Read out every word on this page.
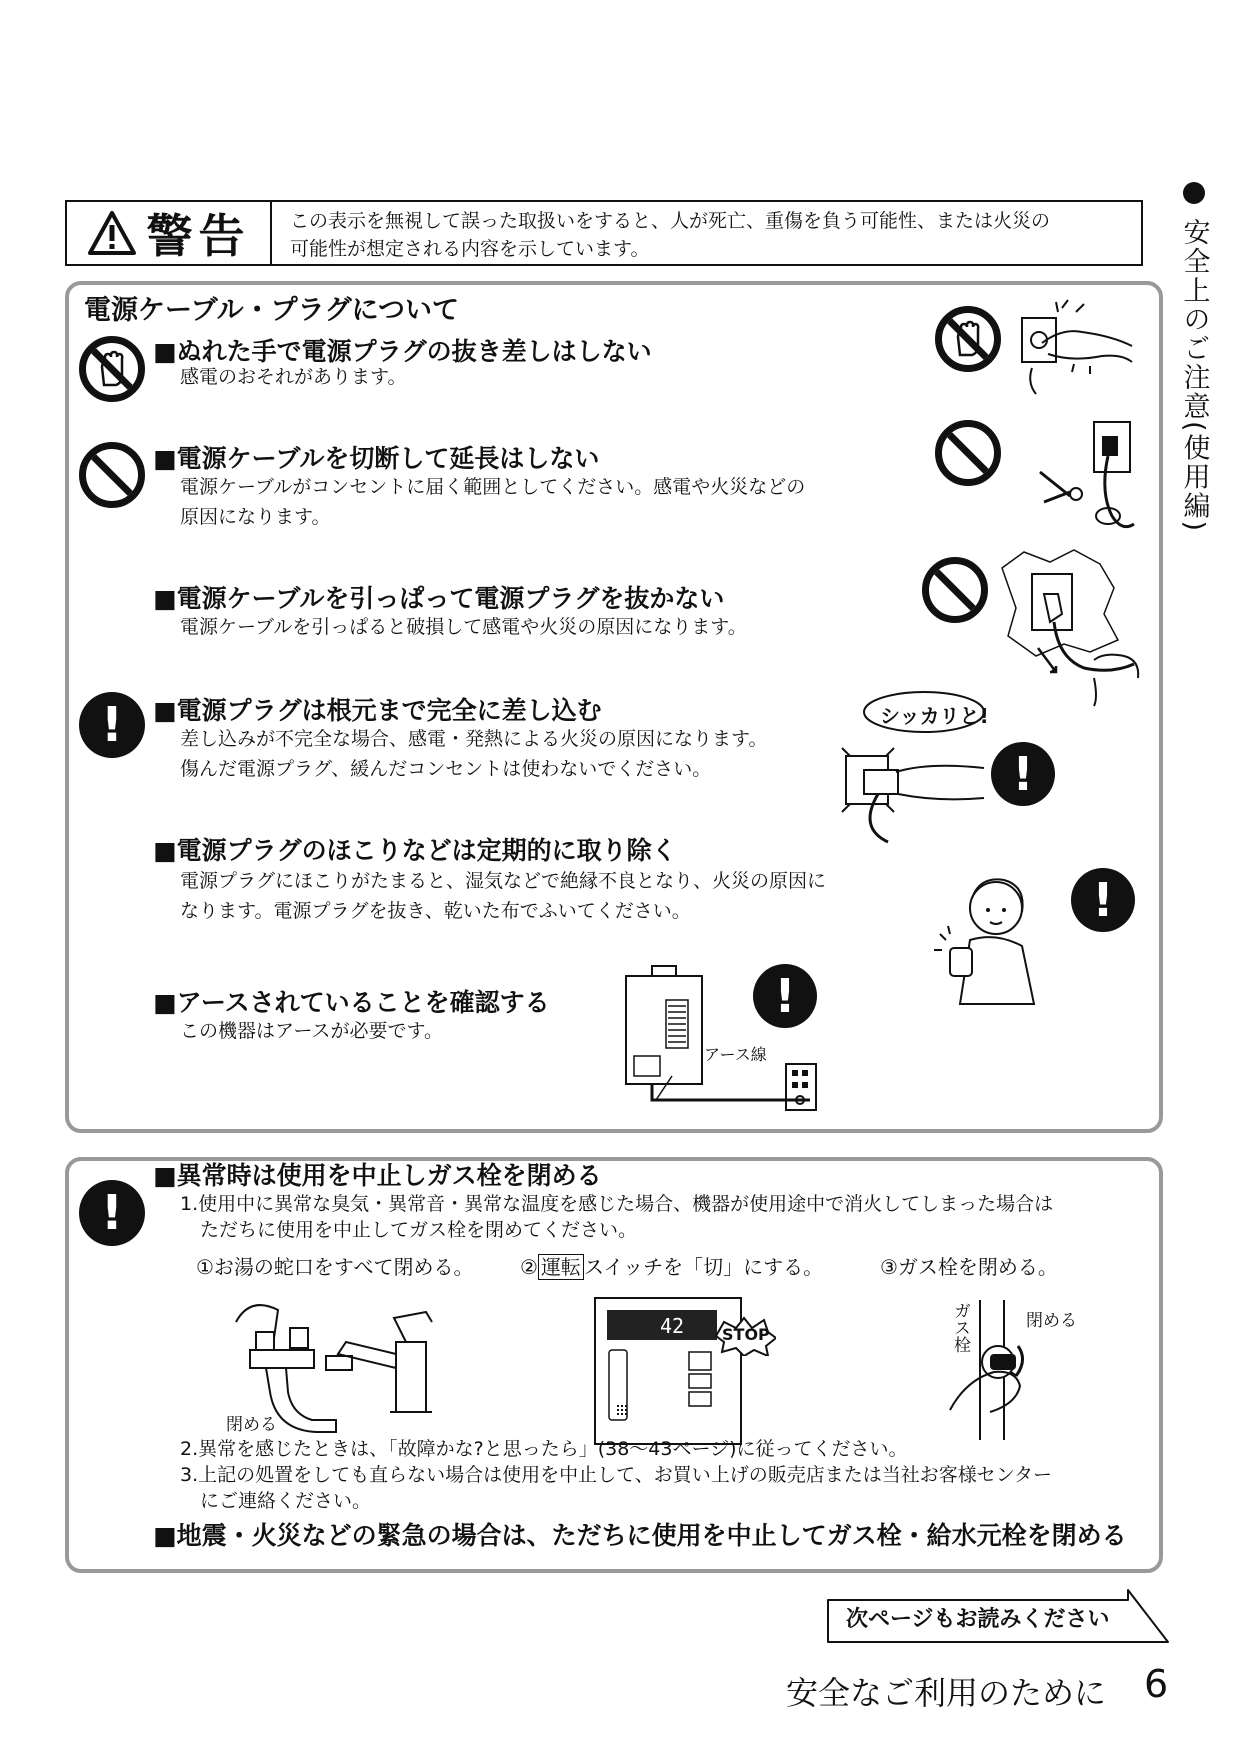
安全上のご注意(使用編)
警告 この表示を無視して誤った取扱いをすると、人が死亡、重傷を負う可能性、または火災の
可能性が想定される内容を示しています。
電源ケーブル・プラグについて
■ぬれた手で電源プラグの抜き差しはしない
感電のおそれがあります。
■電源ケーブルを切断して延長はしない
電源ケーブルがコンセントに届く範囲としてください。感電や火災などの
原因になります。
■電源ケーブルを引っぱって電源プラグを抜かない
電源ケーブルを引っぱると破損して感電や火災の原因になります。
! ■電源プラグは根元まで完全に差し込む
差し込みが不完全な場合、感電・発熱による火災の原因になります。
傷んだ電源プラグ、緩んだコンセントは使わないでください。
シッカリと!
!
■電源プラグのほこりなどは定期的に取り除く
電源プラグにほこりがたまると、湿気などで絶縁不良となり、火災の原因に
なります。電源プラグを抜き、乾いた布でふいてください。	!
■アースされていることを確認する
この機器はアースが必要です。
アース線
!
!
■異常時は使用を中止しガス栓を閉める
1.使用中に異常な臭気・異常音・異常な温度を感じた場合、機器が使用途中で消火してしまった場合は
ただちに使用を中止してガス栓を閉めてください。
①お湯の蛇口をすべて閉める。 ② 運転 スイッチを「切」にする。	③ガス栓を閉める。
閉める
42 STOP
閉める
ガス栓
2.異常を感じたときは、「故障かな?と思ったら」(38〜43ページ)に従ってください。
3.上記の処置をしても直らない場合は使用を中止して、お買い上げの販売店または当社お客様センター
にご連絡ください。
■地震・火災などの緊急の場合は、ただちに使用を中止してガス栓・給水元栓を閉める
次ページもお読みください
安全なご利用のために 6
